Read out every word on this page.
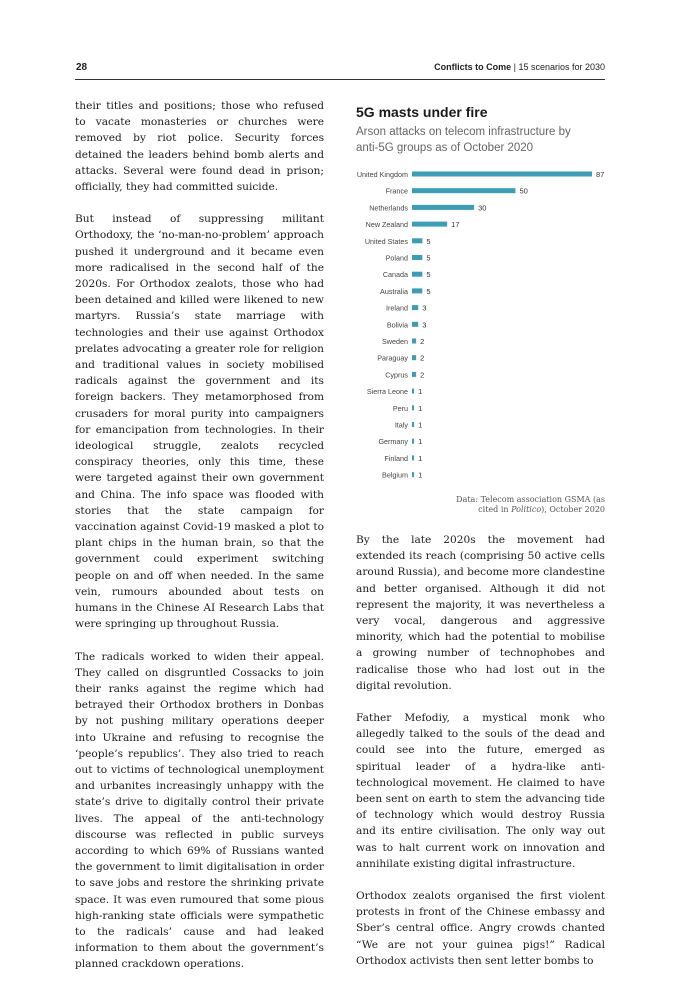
28	Conflicts to Come | 15 scenarios for 2030

their titles and positions; those who refused to vacate monasteries or churches were removed by riot police. Security forces detained the leaders behind bomb alerts and attacks. Several were found dead in prison; officially, they had committed suicide.

But instead of suppressing militant Orthodoxy, the ‘no-man-no-problem’ approach pushed it underground and it became even more radicalised in the second half of the 2020s. For Orthodox zealots, those who had been detained and killed were likened to new martyrs. Russia’s state marriage with technologies and their use against Orthodox prelates advocating a greater role for religion and traditional values in society mobilised radicals against the government and its foreign backers. They metamorphosed from crusaders for moral purity into campaigners for emancipation from technologies. In their ideological struggle, zealots recycled conspiracy theories, only this time, these were targeted against their own government and China. The info space was flooded with stories that the state campaign for vaccination against Covid-19 masked a plot to plant chips in the human brain, so that the government could experiment switching people on and off when needed. In the same vein, rumours abounded about tests on humans in the Chinese AI Research Labs that were springing up throughout Russia.

The radicals worked to widen their appeal. They called on disgruntled Cossacks to join their ranks against the regime which had betrayed their Orthodox brothers in Donbas by not pushing military operations deeper into Ukraine and refusing to recognise the ‘people’s republics’. They also tried to reach out to victims of technological unemployment and urbanites increasingly unhappy with the state’s drive to digitally control their private lives. The appeal of the anti-technology discourse was reflected in public surveys according to which 69% of Russians wanted the government to limit digitalisation in order to save jobs and restore the shrinking private space. It was even rumoured that some pious high-ranking state officials were sympathetic to the radicals’ cause and had leaked information to them about the government’s planned crackdown operations.

5G masts under fire
Arson attacks on telecom infrastructure by anti-5G groups as of October 2020
United Kingdom	87
France	50
Netherlands	30
New Zealand	17
United States 5
Poland 5
Canada 5
Australia 5
Ireland 3
Bolivia 3
Sweden 2
Paraguay 2
Cyprus 2
Sierra Leone 1
Peru 1
Italy 1
Germany 1
Finland 1
Belgium 1
Data: Telecom association GSMA (as cited in Politico), October 2020

By the late 2020s the movement had extended its reach (comprising 50 active cells around Russia), and become more clandestine and better organised. Although it did not represent the majority, it was nevertheless a very vocal, dangerous and aggressive minority, which had the potential to mobilise a growing number of technophobes and radicalise those who had lost out in the digital revolution.

Father Mefodiy, a mystical monk who allegedly talked to the souls of the dead and could see into the future, emerged as spiritual leader of a hydra-like anti-technological movement. He claimed to have been sent on earth to stem the advancing tide of technology which would destroy Russia and its entire civilisation. The only way out was to halt current work on innovation and annihilate existing digital infrastructure.

Orthodox zealots organised the first violent protests in front of the Chinese embassy and Sber’s central office. Angry crowds chanted “We are not your guinea pigs!” Radical Orthodox activists then sent letter bombs to
